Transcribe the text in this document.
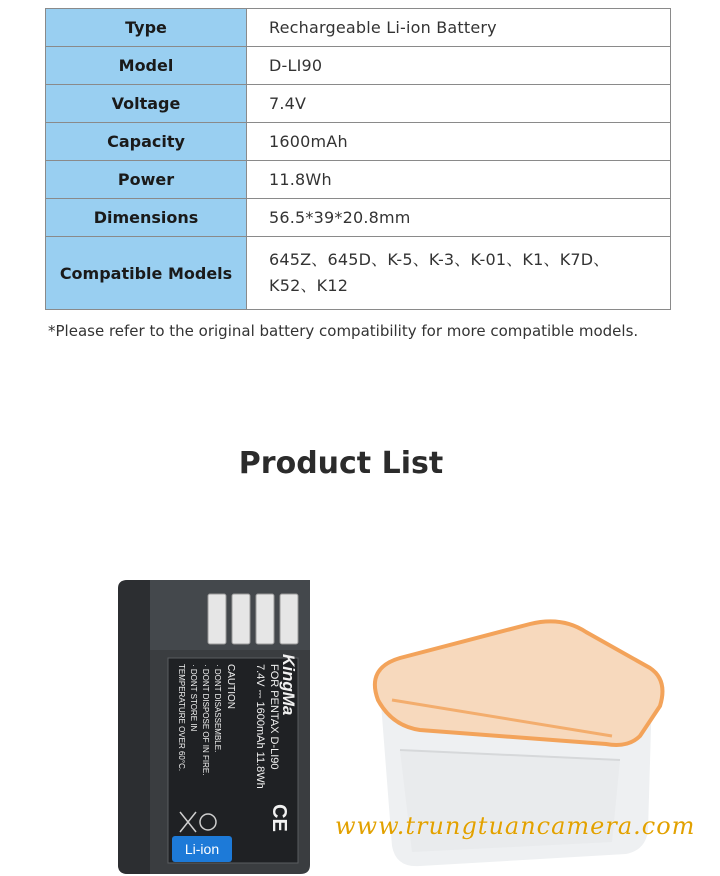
Type	Rechargeable Li-ion Battery
Model	D-LI90
Voltage	7.4V
Capacity	1600mAh
Power	11.8Wh
Dimensions	56.5*39*20.8mm
Compatible Models	645Z、645D、K-5、K-3、K-01、K1、K7D、
K52、K12
*Please refer to the original battery compatibility for more compatible models.
Product List
KingMa
FOR PENTAX D-LI90
7.4V ⎓ 1600mAh 11.8Wh
CAUTION
· DONT DISASSEMBLE.
· DONT DISPOSE OF IN FIRE.
· DONT STORE IN
TEMPERATURE OVER 60°C.
CE
Li-ion
www.trungtuancamera.com
